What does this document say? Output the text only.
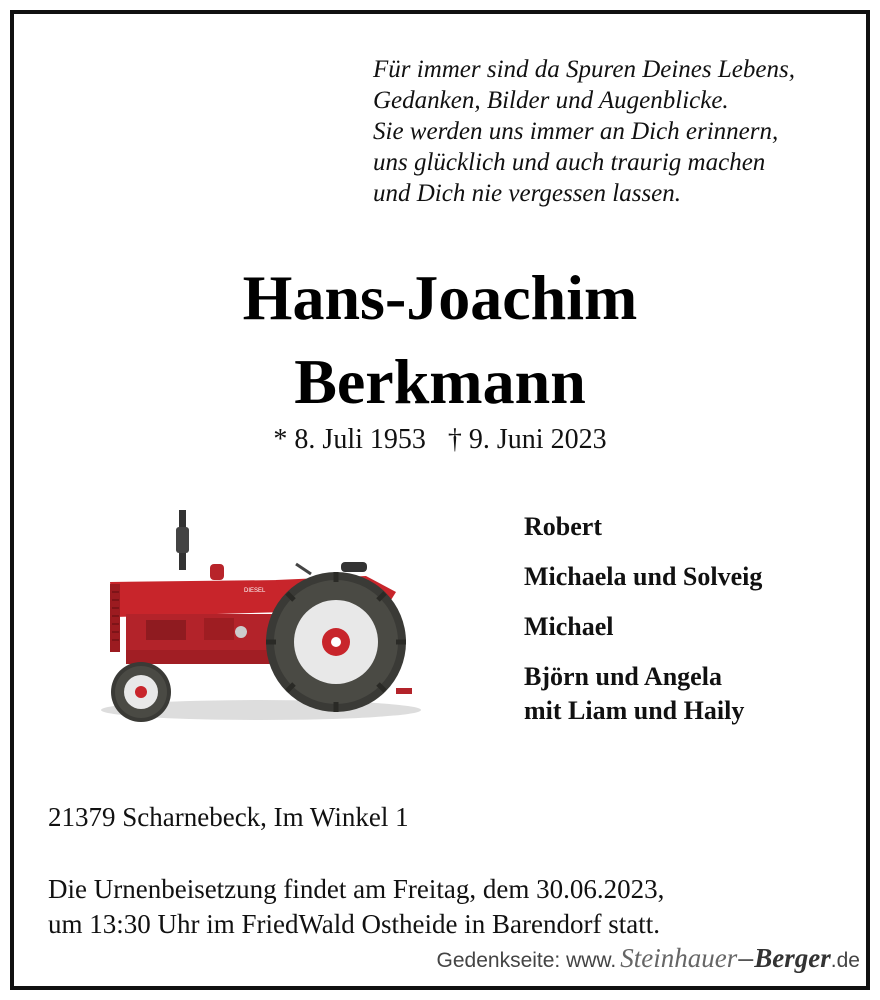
Für immer sind da Spuren Deines Lebens,
Gedanken, Bilder und Augenblicke.
Sie werden uns immer an Dich erinnern,
uns glücklich und auch traurig machen
und Dich nie vergessen lassen.
Hans-Joachim
Berkmann
* 8. Juli 1953 † 9. Juni 2023
DIESEL
Robert
Michaela und Solveig
Michael
Björn und Angela
mit Liam und Haily
21379 Scharnebeck, Im Winkel 1
Die Urnenbeisetzung findet am Freitag, dem 30.06.2023,
um 13:30 Uhr im FriedWald Ostheide in Barendorf statt.
Gedenkseite: www. Steinhauer – Berger .de
